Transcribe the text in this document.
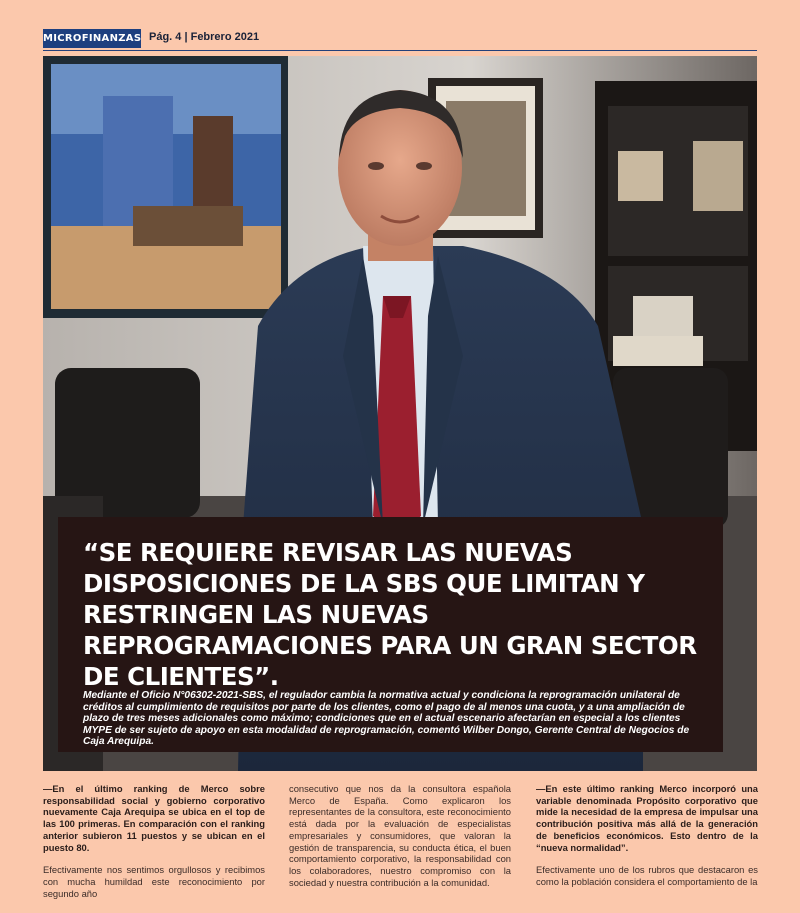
MICROFINANZAS Pág. 4 | Febrero 2021

“SE REQUIERE REVISAR LAS NUEVAS DISPOSICIONES DE LA SBS QUE LIMITAN Y RESTRINGEN LAS NUEVAS REPROGRAMACIONES PARA UN GRAN SECTOR DE CLIENTES”.

Mediante el Oficio N°06302-2021-SBS, el regulador cambia la normativa actual y condiciona la reprogramación unilateral de créditos al cumplimiento de requisitos por parte de los clientes, como el pago de al menos una cuota, y a una ampliación de plazo de tres meses adicionales como máximo; condiciones que en el actual escenario afectarían en especial a los clientes MYPE de ser sujeto de apoyo en esta modalidad de reprogramación, comentó Wilber Dongo, Gerente Central de Negocios de Caja Arequipa.

—En el último ranking de Merco sobre responsabilidad social y gobierno corporativo nuevamente Caja Arequipa se ubica en el top de las 100 primeras. En comparación con el ranking anterior subieron 11 puestos y se ubican en el puesto 80.

Efectivamente nos sentimos orgullosos y recibimos con mucha humildad este reconocimiento por segundo año

consecutivo que nos da la consultora española Merco de España. Como explicaron los representantes de la consultora, este reconocimiento está dada por la evaluación de especialistas empresariales y consumidores, que valoran la gestión de transparencia, su conducta ética, el buen comportamiento corporativo, la responsabilidad con los colaboradores, nuestro compromiso con la sociedad y nuestra contribución a la comunidad.

—En este último ranking Merco incorporó una variable denominada Propósito corporativo que mide la necesidad de la empresa de impulsar una contribución positiva más allá de la generación de beneficios económicos. Esto dentro de la “nueva normalidad”.

Efectivamente uno de los rubros que destacaron es como la población considera el comportamiento de la
